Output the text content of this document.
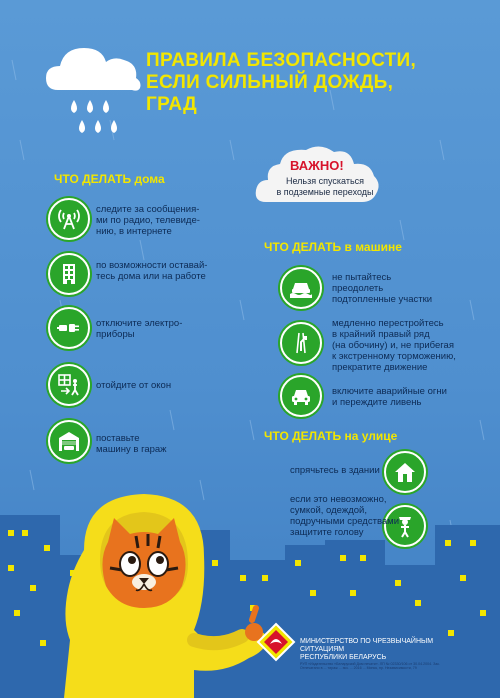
ПРАВИЛА БЕЗОПАСНОСТИ,
ЕСЛИ СИЛЬНЫЙ ДОЖДЬ,
ГРАД
ВАЖНО!
Нельзя спускаться
в подземные переходы
ЧТО ДЕЛАТЬ дома
следите за сообщения-
ми по радио, телевиде-
нию, в интернете
по возможности оставай-
тесь дома или на работе
отключите электро-
приборы
отойдите от окон
поставьте
машину в гараж
ЧТО ДЕЛАТЬ в машине
не пытайтесь
преодолеть
подтопленные участки
медленно перестройтесь
в крайний правый ряд
(на обочину) и, не прибегая
к экстренному торможению,
прекратите движение
включите аварийные огни
и переждите ливень
ЧТО ДЕЛАТЬ на улице
спрячьтесь в здании
если это невозможно,
сумкой, одеждой,
подручными средствами
защитите голову
МИНИСТЕРСТВО ПО ЧРЕЗВЫЧАЙНЫМ СИТУАЦИЯМ
РЕСПУБЛИКИ БЕЛАРУСЬ
РУП «Издательство «Беларуский Дом печати». ЛП № 02330/106 от 30.04.2004. Зак.
Отпечатано в ... тираж ... экз. ... 2016 ... Минск, пр. Независимости, 79
